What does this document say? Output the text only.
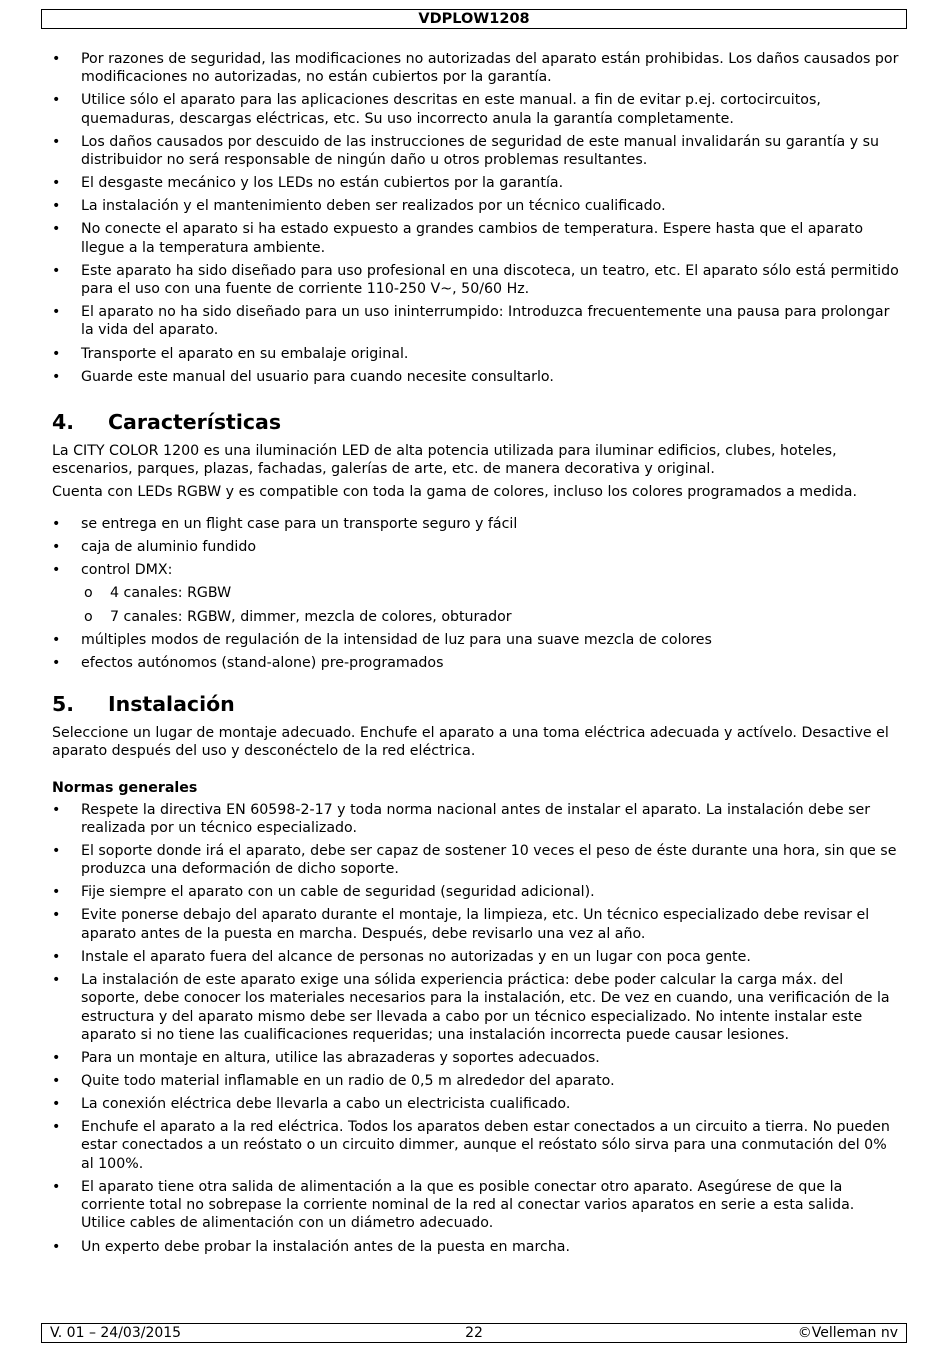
VDPLOW1208
• Por razones de seguridad, las modificaciones no autorizadas del aparato están prohibidas. Los daños causados por modificaciones no autorizadas, no están cubiertos por la garantía.
• Utilice sólo el aparato para las aplicaciones descritas en este manual. a fin de evitar p.ej. cortocircuitos, quemaduras, descargas eléctricas, etc. Su uso incorrecto anula la garantía completamente.
• Los daños causados por descuido de las instrucciones de seguridad de este manual invalidarán su garantía y su distribuidor no será responsable de ningún daño u otros problemas resultantes.
• El desgaste mecánico y los LEDs no están cubiertos por la garantía.
• La instalación y el mantenimiento deben ser realizados por un técnico cualificado.
• No conecte el aparato si ha estado expuesto a grandes cambios de temperatura. Espere hasta que el aparato llegue a la temperatura ambiente.
• Este aparato ha sido diseñado para uso profesional en una discoteca, un teatro, etc. El aparato sólo está permitido para el uso con una fuente de corriente 110-250 V~, 50/60 Hz.
• El aparato no ha sido diseñado para un uso ininterrumpido: Introduzca frecuentemente una pausa para prolongar la vida del aparato.
• Transporte el aparato en su embalaje original.
• Guarde este manual del usuario para cuando necesite consultarlo.
4. Características

La CITY COLOR 1200 es una iluminación LED de alta potencia utilizada para iluminar edificios, clubes, hoteles, escenarios, parques, plazas, fachadas, galerías de arte, etc. de manera decorativa y original.

Cuenta con LEDs RGBW y es compatible con toda la gama de colores, incluso los colores programados a medida.

• se entrega en un flight case para un transporte seguro y fácil
• caja de aluminio fundido
• control DMX:
o 4 canales: RGBW
o 7 canales: RGBW, dimmer, mezcla de colores, obturador
• múltiples modos de regulación de la intensidad de luz para una suave mezcla de colores
• efectos autónomos (stand-alone) pre-programados
5. Instalación

Seleccione un lugar de montaje adecuado. Enchufe el aparato a una toma eléctrica adecuada y actívelo. Desactive el aparato después del uso y desconéctelo de la red eléctrica.

Normas generales

• Respete la directiva EN 60598-2-17 y toda norma nacional antes de instalar el aparato. La instalación debe ser realizada por un técnico especializado.
• El soporte donde irá el aparato, debe ser capaz de sostener 10 veces el peso de éste durante una hora, sin que se produzca una deformación de dicho soporte.
• Fije siempre el aparato con un cable de seguridad (seguridad adicional).
• Evite ponerse debajo del aparato durante el montaje, la limpieza, etc. Un técnico especializado debe revisar el aparato antes de la puesta en marcha. Después, debe revisarlo una vez al año.
• Instale el aparato fuera del alcance de personas no autorizadas y en un lugar con poca gente.
• La instalación de este aparato exige una sólida experiencia práctica: debe poder calcular la carga máx. del soporte, debe conocer los materiales necesarios para la instalación, etc. De vez en cuando, una verificación de la estructura y del aparato mismo debe ser llevada a cabo por un técnico especializado. No intente instalar este aparato si no tiene las cualificaciones requeridas; una instalación incorrecta puede causar lesiones.
• Para un montaje en altura, utilice las abrazaderas y soportes adecuados.
• Quite todo material inflamable en un radio de 0,5 m alrededor del aparato.
• La conexión eléctrica debe llevarla a cabo un electricista cualificado.
• Enchufe el aparato a la red eléctrica. Todos los aparatos deben estar conectados a un circuito a tierra. No pueden estar conectados a un reóstato o un circuito dimmer, aunque el reóstato sólo sirva para una conmutación del 0% al 100%.
• El aparato tiene otra salida de alimentación a la que es posible conectar otro aparato. Asegúrese de que la corriente total no sobrepase la corriente nominal de la red al conectar varios aparatos en serie a esta salida. Utilice cables de alimentación con un diámetro adecuado.
• Un experto debe probar la instalación antes de la puesta en marcha.
V. 01 – 24/03/2015	22	©Velleman nv
